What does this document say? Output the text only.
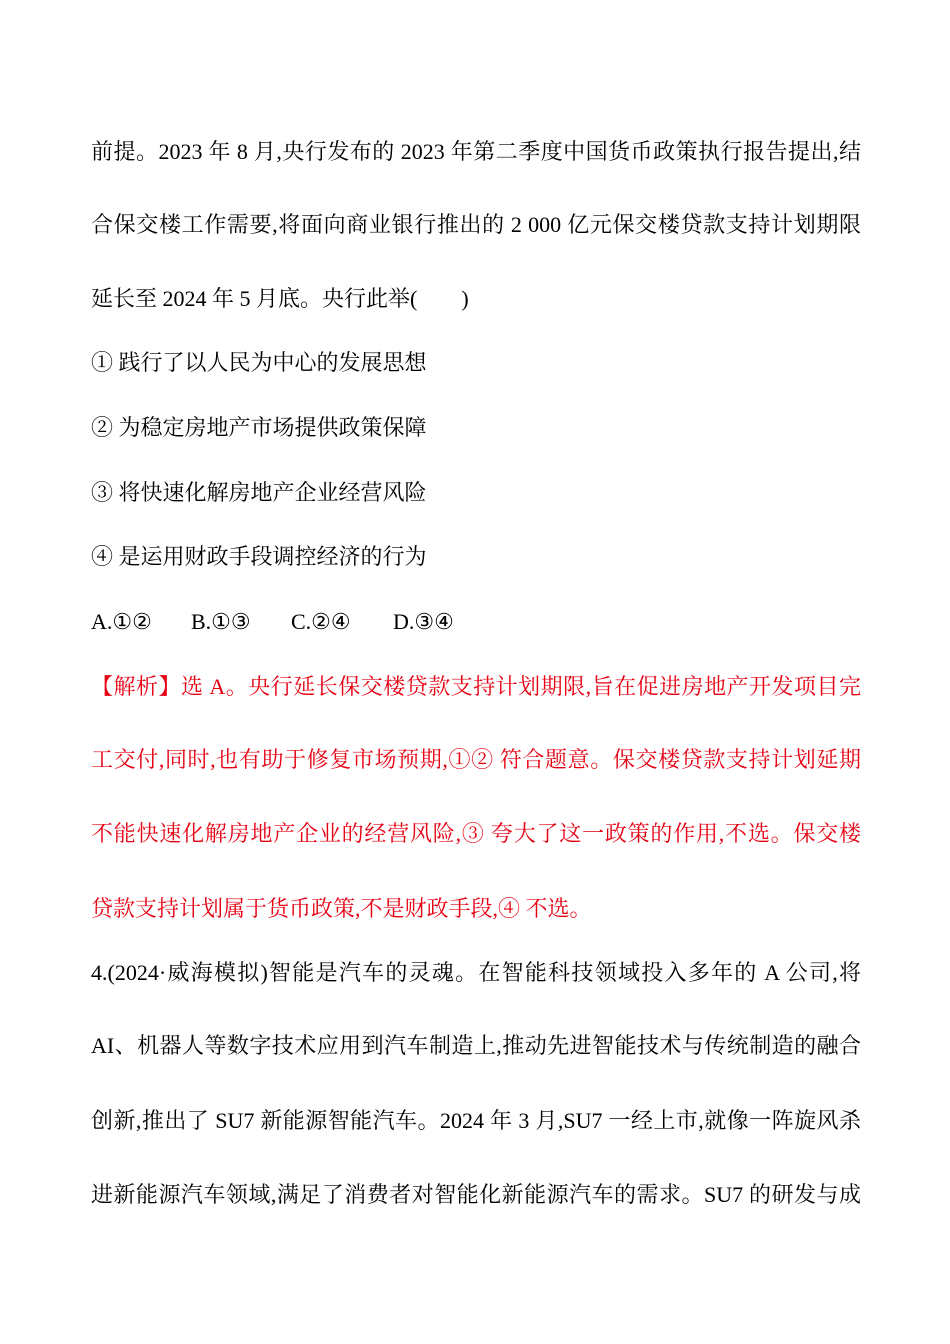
前提。2023 年 8 月,央行发布的 2023 年第二季度中国货币政策执行报告提出,结
合保交楼工作需要,将面向商业银行推出的 2 000 亿元保交楼贷款支持计划期限
延长至 2024 年 5 月底。央行此举(　　)
① 践行了以人民为中心的发展思想
② 为稳定房地产市场提供政策保障
③ 将快速化解房地产企业经营风险
④ 是运用财政手段调控经济的行为
A.①② B.①③ C.②④ D.③④
【解析】选 A。央行延长保交楼贷款支持计划期限,旨在促进房地产开发项目完
工交付,同时,也有助于修复市场预期,①② 符合题意。保交楼贷款支持计划延期
不能快速化解房地产企业的经营风险,③ 夸大了这一政策的作用,不选。保交楼
贷款支持计划属于货币政策,不是财政手段,④ 不选。
4.(2024·威海模拟)智能是汽车的灵魂。在智能科技领域投入多年的 A 公司,将
AI、机器人等数字技术应用到汽车制造上,推动先进智能技术与传统制造的融合
创新,推出了 SU7 新能源智能汽车。2024 年 3 月,SU7 一经上市,就像一阵旋风杀
进新能源汽车领域,满足了消费者对智能化新能源汽车的需求。SU7 的研发与成
